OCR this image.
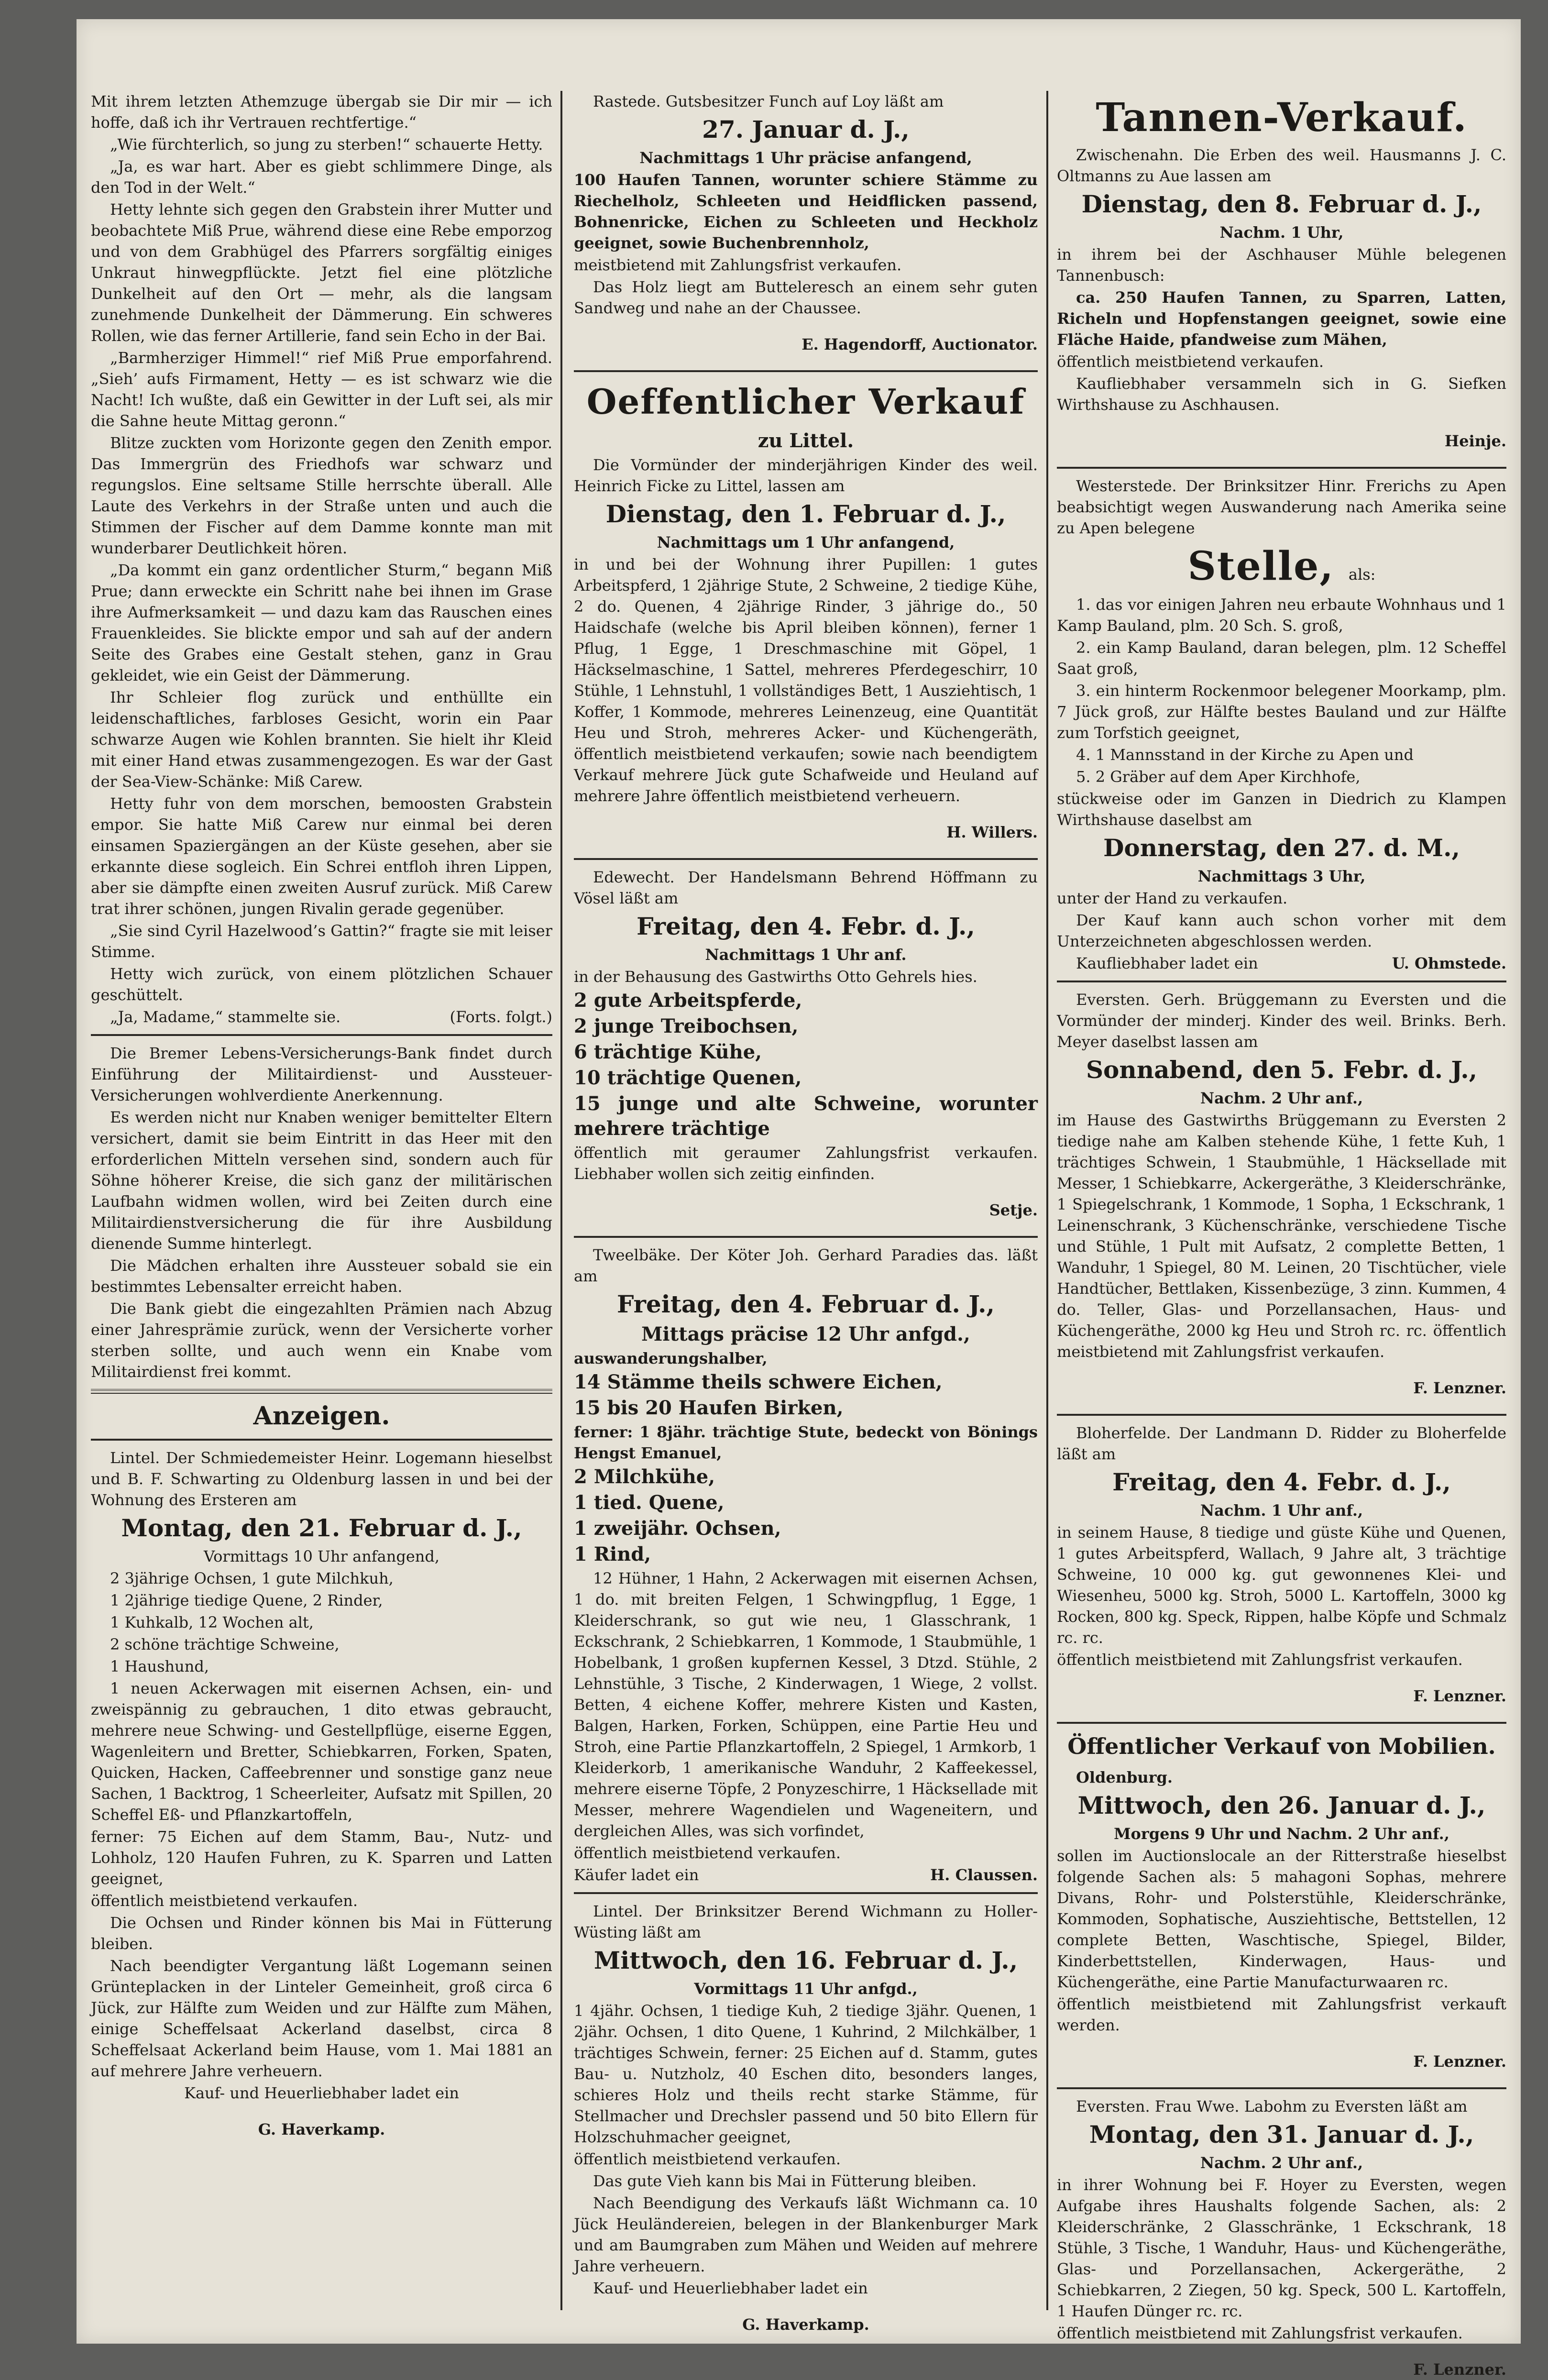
Mit ihrem letzten Athemzuge übergab sie Dir mir — ich hoffe, daß ich ihr Vertrauen rechtfertige.“

„Wie fürchterlich, so jung zu sterben!“ schauerte Hetty.

„Ja, es war hart. Aber es giebt schlimmere Dinge, als den Tod in der Welt.“

Hetty lehnte sich gegen den Grabstein ihrer Mutter und beobachtete Miß Prue, während diese eine Rebe emporzog und von dem Grabhügel des Pfarrers sorgfältig einiges Unkraut hinwegpflückte. Jetzt fiel eine plötzliche Dunkelheit auf den Ort — mehr, als die langsam zunehmende Dunkelheit der Dämmerung. Ein schweres Rollen, wie das ferner Artillerie, fand sein Echo in der Bai.

„Barmherziger Himmel!“ rief Miß Prue emporfahrend. „Sieh’ aufs Firmament, Hetty — es ist schwarz wie die Nacht! Ich wußte, daß ein Gewitter in der Luft sei, als mir die Sahne heute Mittag geronn.“

Blitze zuckten vom Horizonte gegen den Zenith empor. Das Immergrün des Friedhofs war schwarz und regungslos. Eine seltsame Stille herrschte überall. Alle Laute des Verkehrs in der Straße unten und auch die Stimmen der Fischer auf dem Damme konnte man mit wunderbarer Deutlichkeit hören.

„Da kommt ein ganz ordentlicher Sturm,“ begann Miß Prue; dann erweckte ein Schritt nahe bei ihnen im Grase ihre Aufmerksamkeit — und dazu kam das Rauschen eines Frauenkleides. Sie blickte empor und sah auf der andern Seite des Grabes eine Gestalt stehen, ganz in Grau gekleidet, wie ein Geist der Dämmerung.

Ihr Schleier flog zurück und enthüllte ein leidenschaftliches, farbloses Gesicht, worin ein Paar schwarze Augen wie Kohlen brannten. Sie hielt ihr Kleid mit einer Hand etwas zusammengezogen. Es war der Gast der Sea-View-Schänke: Miß Carew.

Hetty fuhr von dem morschen, bemoosten Grabstein empor. Sie hatte Miß Carew nur einmal bei deren einsamen Spaziergängen an der Küste gesehen, aber sie erkannte diese sogleich. Ein Schrei entfloh ihren Lippen, aber sie dämpfte einen zweiten Ausruf zurück. Miß Carew trat ihrer schönen, jungen Rivalin gerade gegenüber.

„Sie sind Cyril Hazelwood’s Gattin?“ fragte sie mit leiser Stimme.

Hetty wich zurück, von einem plötzlichen Schauer geschüttelt.

„Ja, Madame,“ stammelte sie.	(Forts. folgt.)

Die Bremer Lebens-Versicherungs-Bank findet durch Einführung der Militairdienst- und Aussteuer-Versicherungen wohlverdiente Anerkennung.

Es werden nicht nur Knaben weniger bemittelter Eltern versichert, damit sie beim Eintritt in das Heer mit den erforderlichen Mitteln versehen sind, sondern auch für Söhne höherer Kreise, die sich ganz der militärischen Laufbahn widmen wollen, wird bei Zeiten durch eine Militairdienstversicherung die für ihre Ausbildung dienende Summe hinterlegt.

Die Mädchen erhalten ihre Aussteuer sobald sie ein bestimmtes Lebensalter erreicht haben.

Die Bank giebt die eingezahlten Prämien nach Abzug einer Jahresprämie zurück, wenn der Versicherte vorher sterben sollte, und auch wenn ein Knabe vom Militairdienst frei kommt.

Anzeigen.

Lintel. Der Schmiedemeister Heinr. Logemann hieselbst und B. F. Schwarting zu Oldenburg lassen in und bei der Wohnung des Ersteren am

Montag, den 21. Februar d. J.,

Vormittags 10 Uhr anfangend,

2 3jährige Ochsen, 1 gute Milchkuh,

1 2jährige tiedige Quene, 2 Rinder,

1 Kuhkalb, 12 Wochen alt,

2 schöne trächtige Schweine,

1 Haushund,

1 neuen Ackerwagen mit eisernen Achsen, ein- und zweispännig zu gebrauchen, 1 dito etwas gebraucht, mehrere neue Schwing- und Gestellpflüge, eiserne Eggen, Wagenleitern und Bretter, Schiebkarren, Forken, Spaten, Quicken, Hacken, Caffeebrenner und sonstige ganz neue Sachen, 1 Backtrog, 1 Scheerleiter, Aufsatz mit Spillen, 20 Scheffel Eß- und Pflanzkartoffeln,

ferner: 75 Eichen auf dem Stamm, Bau-, Nutz- und Lohholz, 120 Haufen Fuhren, zu K. Sparren und Latten geeignet,

öffentlich meistbietend verkaufen.

Die Ochsen und Rinder können bis Mai in Fütterung bleiben.

Nach beendigter Vergantung läßt Logemann seinen Grünteplacken in der Linteler Gemeinheit, groß circa 6 Jück, zur Hälfte zum Weiden und zur Hälfte zum Mähen, einige Scheffelsaat Ackerland daselbst, circa 8 Scheffelsaat Ackerland beim Hause, vom 1. Mai 1881 an auf mehrere Jahre verheuern.

Kauf- und Heuerliebhaber ladet ein

G. Haverkamp.

Rastede. Gutsbesitzer Funch auf Loy läßt am

27. Januar d. J.,

Nachmittags 1 Uhr präcise anfangend,

100 Haufen Tannen, worunter schiere Stämme zu Riechelholz, Schleeten und Heidflicken passend, Bohnenricke, Eichen zu Schleeten und Heckholz geeignet, sowie Buchenbrennholz,

meistbietend mit Zahlungsfrist verkaufen.

Das Holz liegt am Butteleresch an einem sehr guten Sandweg und nahe an der Chaussee.

E. Hagendorff, Auctionator.

Oeffentlicher Verkauf

zu Littel.

Die Vormünder der minderjährigen Kinder des weil. Heinrich Ficke zu Littel, lassen am

Dienstag, den 1. Februar d. J.,

Nachmittags um 1 Uhr anfangend,

in und bei der Wohnung ihrer Pupillen: 1 gutes Arbeitspferd, 1 2jährige Stute, 2 Schweine, 2 tiedige Kühe, 2 do. Quenen, 4 2jährige Rinder, 3 jährige do., 50 Haidschafe (welche bis April bleiben können), ferner 1 Pflug, 1 Egge, 1 Dreschmaschine mit Göpel, 1 Häckselmaschine, 1 Sattel, mehreres Pferdegeschirr, 10 Stühle, 1 Lehnstuhl, 1 vollständiges Bett, 1 Ausziehtisch, 1 Koffer, 1 Kommode, mehreres Leinenzeug, eine Quantität Heu und Stroh, mehreres Acker- und Küchengeräth, öffentlich meistbietend verkaufen; sowie nach beendigtem Verkauf mehrere Jück gute Schafweide und Heuland auf mehrere Jahre öffentlich meistbietend verheuern.

H. Willers.

Edewecht. Der Handelsmann Behrend Höffmann zu Vösel läßt am

Freitag, den 4. Febr. d. J.,

Nachmittags 1 Uhr anf.

in der Behausung des Gastwirths Otto Gehrels hies.

2 gute Arbeitspferde,

2 junge Treibochsen,

6 trächtige Kühe,

10 trächtige Quenen,

15 junge und alte Schweine, worunter mehrere trächtige

öffentlich mit geraumer Zahlungsfrist verkaufen. Liebhaber wollen sich zeitig einfinden.

Setje.

Tweelbäke. Der Köter Joh. Gerhard Paradies das. läßt am

Freitag, den 4. Februar d. J.,

Mittags präcise 12 Uhr anfgd.,

auswanderungshalber,

14 Stämme theils schwere Eichen,

15 bis 20 Haufen Birken,

ferner: 1 8jähr. trächtige Stute, bedeckt von Bönings Hengst Emanuel,

2 Milchkühe,

1 tied. Quene,

1 zweijähr. Ochsen,

1 Rind,

12 Hühner, 1 Hahn, 2 Ackerwagen mit eisernen Achsen, 1 do. mit breiten Felgen, 1 Schwingpflug, 1 Egge, 1 Kleiderschrank, so gut wie neu, 1 Glasschrank, 1 Eckschrank, 2 Schiebkarren, 1 Kommode, 1 Staubmühle, 1 Hobelbank, 1 großen kupfernen Kessel, 3 Dtzd. Stühle, 2 Lehnstühle, 3 Tische, 2 Kinderwagen, 1 Wiege, 2 vollst. Betten, 4 eichene Koffer, mehrere Kisten und Kasten, Balgen, Harken, Forken, Schüppen, eine Partie Heu und Stroh, eine Partie Pflanzkartoffeln, 2 Spiegel, 1 Armkorb, 1 Kleiderkorb, 1 amerikanische Wanduhr, 2 Kaffeekessel, mehrere eiserne Töpfe, 2 Ponyzeschirre, 1 Häcksellade mit Messer, mehrere Wagendielen und Wageneitern, und dergleichen Alles, was sich vorfindet,

öffentlich meistbietend verkaufen.

Käufer ladet ein	H. Claussen.

Lintel. Der Brinksitzer Berend Wichmann zu Holler-Wüsting läßt am

Mittwoch, den 16. Februar d. J.,

Vormittags 11 Uhr anfgd.,

1 4jähr. Ochsen, 1 tiedige Kuh, 2 tiedige 3jähr. Quenen, 1 2jähr. Ochsen, 1 dito Quene, 1 Kuhrind, 2 Milchkälber, 1 trächtiges Schwein, ferner: 25 Eichen auf d. Stamm, gutes Bau- u. Nutzholz, 40 Eschen dito, besonders langes, schieres Holz und theils recht starke Stämme, für Stellmacher und Drechsler passend und 50 bito Ellern für Holzschuhmacher geeignet,

öffentlich meistbietend verkaufen.

Das gute Vieh kann bis Mai in Fütterung bleiben.

Nach Beendigung des Verkaufs läßt Wichmann ca. 10 Jück Heuländereien, belegen in der Blankenburger Mark und am Baumgraben zum Mähen und Weiden auf mehrere Jahre verheuern.

Kauf- und Heuerliebhaber ladet ein

G. Haverkamp.

Tannen-Verkauf.

Zwischenahn. Die Erben des weil. Hausmanns J. C. Oltmanns zu Aue lassen am

Dienstag, den 8. Februar d. J.,

Nachm. 1 Uhr,

in ihrem bei der Aschhauser Mühle belegenen Tannenbusch:

ca. 250 Haufen Tannen, zu Sparren, Latten, Richeln und Hopfenstangen geeignet, sowie eine Fläche Haide, pfandweise zum Mähen,

öffentlich meistbietend verkaufen.

Kaufliebhaber versammeln sich in G. Siefken Wirthshause zu Aschhausen.

Heinje.

Westerstede. Der Brinksitzer Hinr. Frerichs zu Apen beabsichtigt wegen Auswanderung nach Amerika seine zu Apen belegene

Stelle, als:

1. das vor einigen Jahren neu erbaute Wohnhaus und 1 Kamp Bauland, plm. 20 Sch. S. groß,

2. ein Kamp Bauland, daran belegen, plm. 12 Scheffel Saat groß,

3. ein hinterm Rockenmoor belegener Moorkamp, plm. 7 Jück groß, zur Hälfte bestes Bauland und zur Hälfte zum Torfstich geeignet,

4. 1 Mannsstand in der Kirche zu Apen und

5. 2 Gräber auf dem Aper Kirchhofe,

stückweise oder im Ganzen in Diedrich zu Klampen Wirthshause daselbst am

Donnerstag, den 27. d. M.,

Nachmittags 3 Uhr,

unter der Hand zu verkaufen.

Der Kauf kann auch schon vorher mit dem Unterzeichneten abgeschlossen werden.

Kaufliebhaber ladet ein	U. Ohmstede.

Eversten. Gerh. Brüggemann zu Eversten und die Vormünder der minderj. Kinder des weil. Brinks. Berh. Meyer daselbst lassen am

Sonnabend, den 5. Febr. d. J.,

Nachm. 2 Uhr anf.,

im Hause des Gastwirths Brüggemann zu Eversten 2 tiedige nahe am Kalben stehende Kühe, 1 fette Kuh, 1 trächtiges Schwein, 1 Staubmühle, 1 Häcksellade mit Messer, 1 Schiebkarre, Ackergeräthe, 3 Kleiderschränke, 1 Spiegelschrank, 1 Kommode, 1 Sopha, 1 Eckschrank, 1 Leinenschrank, 3 Küchenschränke, verschiedene Tische und Stühle, 1 Pult mit Aufsatz, 2 complette Betten, 1 Wanduhr, 1 Spiegel, 80 M. Leinen, 20 Tischtücher, viele Handtücher, Bettlaken, Kissenbezüge, 3 zinn. Kummen, 4 do. Teller, Glas- und Porzellansachen, Haus- und Küchengeräthe, 2000 kg Heu und Stroh rc. rc. öffentlich meistbietend mit Zahlungsfrist verkaufen.

F. Lenzner.

Bloherfelde. Der Landmann D. Ridder zu Bloherfelde läßt am

Freitag, den 4. Febr. d. J.,

Nachm. 1 Uhr anf.,

in seinem Hause, 8 tiedige und güste Kühe und Quenen, 1 gutes Arbeitspferd, Wallach, 9 Jahre alt, 3 trächtige Schweine, 10 000 kg. gut gewonnenes Klei- und Wiesenheu, 5000 kg. Stroh, 5000 L. Kartoffeln, 3000 kg Rocken, 800 kg. Speck, Rippen, halbe Köpfe und Schmalz rc. rc.

öffentlich meistbietend mit Zahlungsfrist verkaufen.

F. Lenzner.

Öffentlicher Verkauf von Mobilien.

Oldenburg.

Mittwoch, den 26. Januar d. J.,

Morgens 9 Uhr und Nachm. 2 Uhr anf.,

sollen im Auctionslocale an der Ritterstraße hieselbst folgende Sachen als: 5 mahagoni Sophas, mehrere Divans, Rohr- und Polsterstühle, Kleiderschränke, Kommoden, Sophatische, Ausziehtische, Bettstellen, 12 complete Betten, Waschtische, Spiegel, Bilder, Kinderbettstellen, Kinderwagen, Haus- und Küchengeräthe, eine Partie Manufacturwaaren rc.

öffentlich meistbietend mit Zahlungsfrist verkauft werden.

F. Lenzner.

Eversten. Frau Wwe. Labohm zu Eversten läßt am

Montag, den 31. Januar d. J.,

Nachm. 2 Uhr anf.,

in ihrer Wohnung bei F. Hoyer zu Eversten, wegen Aufgabe ihres Haushalts folgende Sachen, als: 2 Kleiderschränke, 2 Glasschränke, 1 Eckschrank, 18 Stühle, 3 Tische, 1 Wanduhr, Haus- und Küchengeräthe, Glas- und Porzellansachen, Ackergeräthe, 2 Schiebkarren, 2 Ziegen, 50 kg. Speck, 500 L. Kartoffeln, 1 Haufen Dünger rc. rc.

öffentlich meistbietend mit Zahlungsfrist verkaufen.

F. Lenzner.
